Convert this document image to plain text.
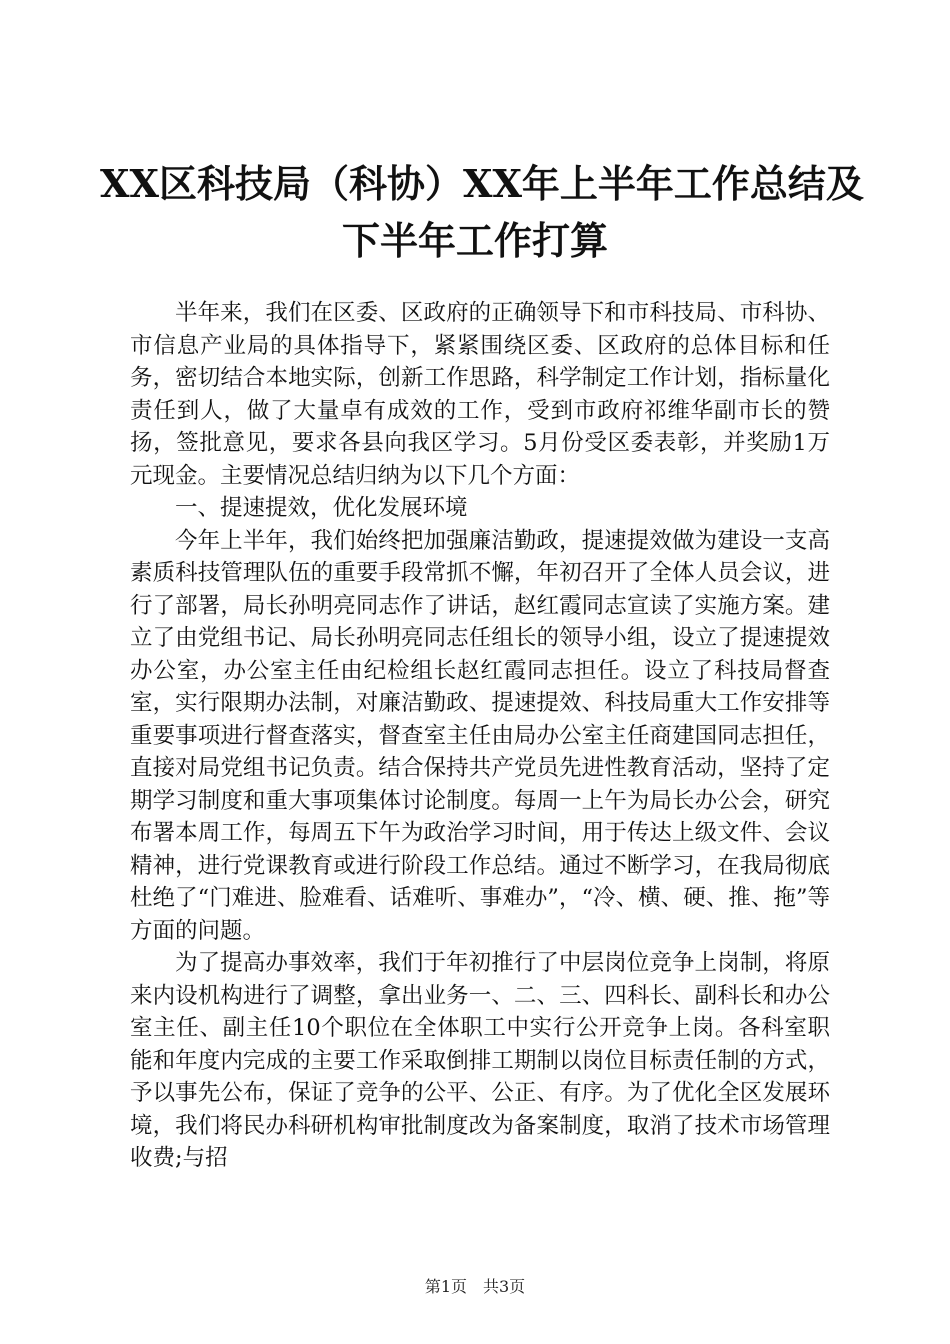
XX区科技局（科协）XX年上半年工作总结及
下半年工作打算

半年来，我们在区委、区政府的正确领导下和市科技局、市科协、市信息产业局的具体指导下，紧紧围绕区委、区政府的总体目标和任务，密切结合本地实际，创新工作思路，科学制定工作计划，指标量化责任到人，做了大量卓有成效的工作，受到市政府祁维华副市长的赞扬，签批意见，要求各县向我区学习。5月份受区委表彰，并奖励1万元现金。主要情况总结归纳为以下几个方面：

一、提速提效，优化发展环境

今年上半年，我们始终把加强廉洁勤政，提速提效做为建设一支高素质科技管理队伍的重要手段常抓不懈，年初召开了全体人员会议，进行了部署，局长孙明亮同志作了讲话，赵红霞同志宣读了实施方案。建立了由党组书记、局长孙明亮同志任组长的领导小组，设立了提速提效办公室，办公室主任由纪检组长赵红霞同志担任。设立了科技局督查室，实行限期办法制，对廉洁勤政、提速提效、科技局重大工作安排等重要事项进行督查落实，督查室主任由局办公室主任商建国同志担任，直接对局党组书记负责。结合保持共产党员先进性教育活动，坚持了定期学习制度和重大事项集体讨论制度。每周一上午为局长办公会，研究布署本周工作，每周五下午为政治学习时间，用于传达上级文件、会议精神，进行党课教育或进行阶段工作总结。通过不断学习，在我局彻底杜绝了“门难进、脸难看、话难听、事难办”，“冷、横、硬、推、拖”等方面的问题。

为了提高办事效率，我们于年初推行了中层岗位竞争上岗制，将原来内设机构进行了调整，拿出业务一、二、三、四科长、副科长和办公室主任、副主任10个职位在全体职工中实行公开竞争上岗。各科室职能和年度内完成的主要工作采取倒排工期制以岗位目标责任制的方式，予以事先公布，保证了竞争的公平、公正、有序。为了优化全区发展环境，我们将民办科研机构审批制度改为备案制度，取消了技术市场管理收费;与招

第1页 共3页
